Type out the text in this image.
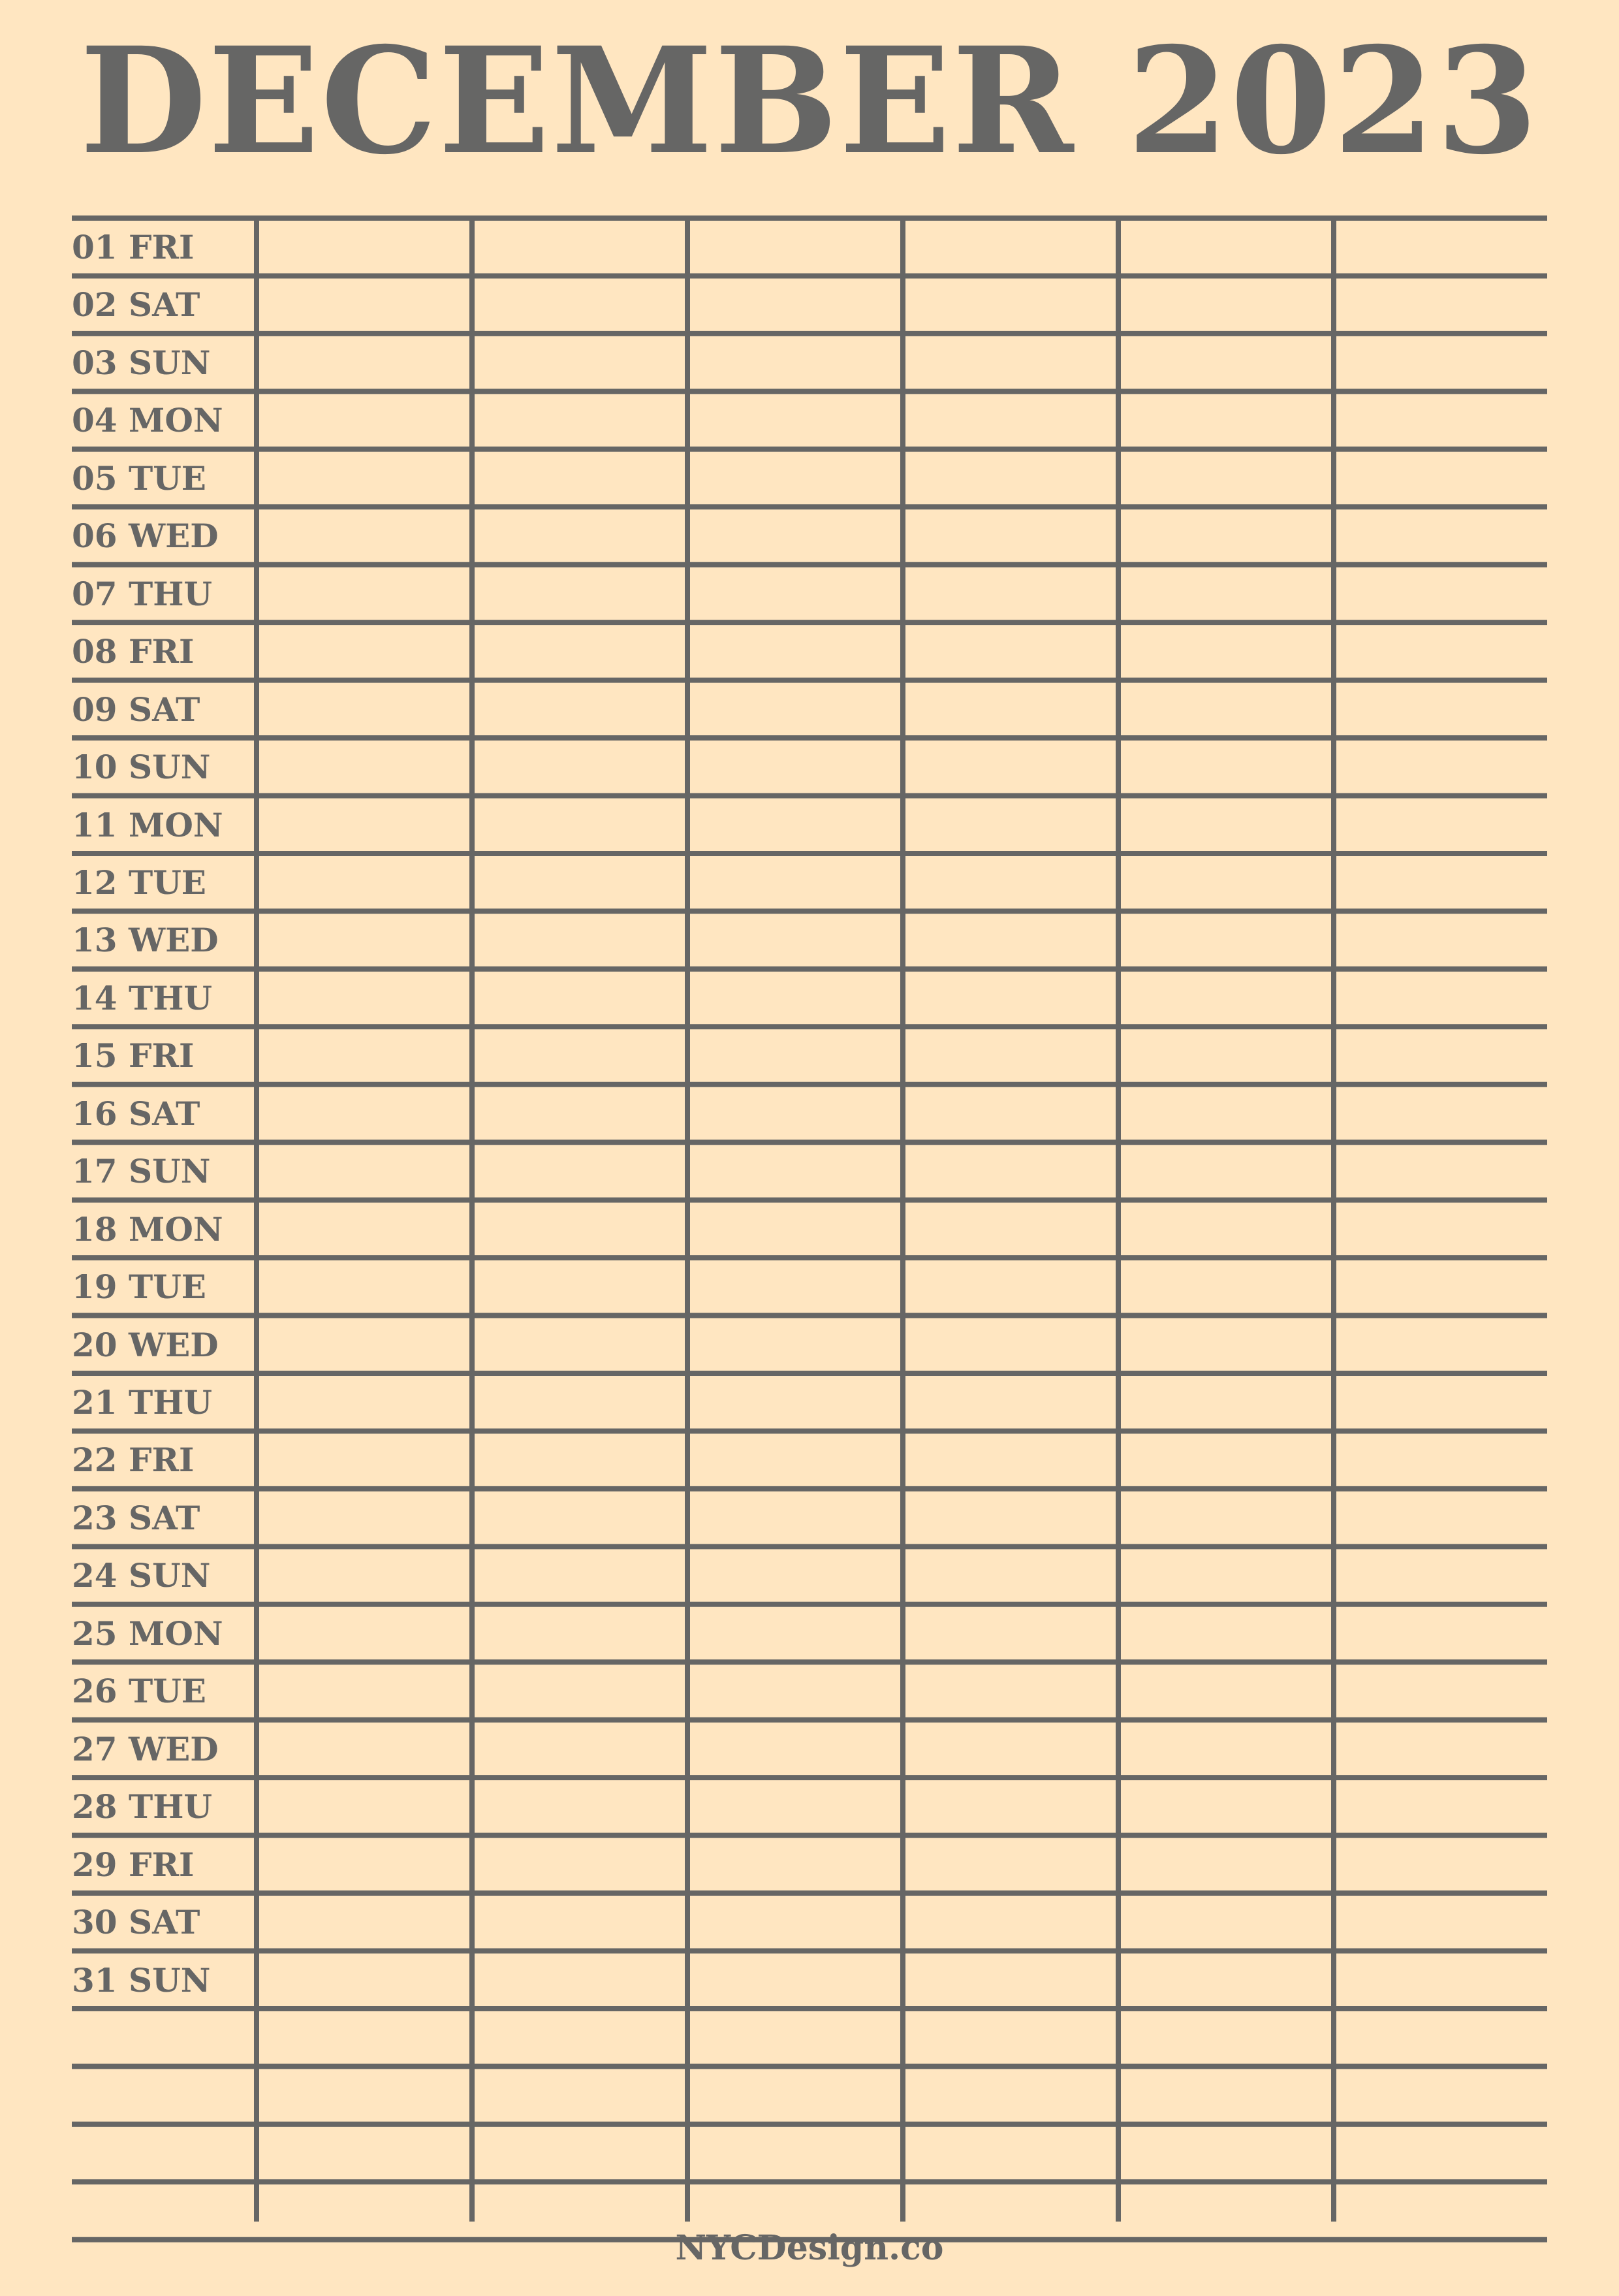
DECEMBER 2023
01 FRI
02 SAT
03 SUN
04 MON
05 TUE
06 WED
07 THU
08 FRI
09 SAT
10 SUN
11 MON
12 TUE
13 WED
14 THU
15 FRI
16 SAT
17 SUN
18 MON
19 TUE
20 WED
21 THU
22 FRI
23 SAT
24 SUN
25 MON
26 TUE
27 WED
28 THU
29 FRI
30 SAT
31 SUN
NYCDesign.co
